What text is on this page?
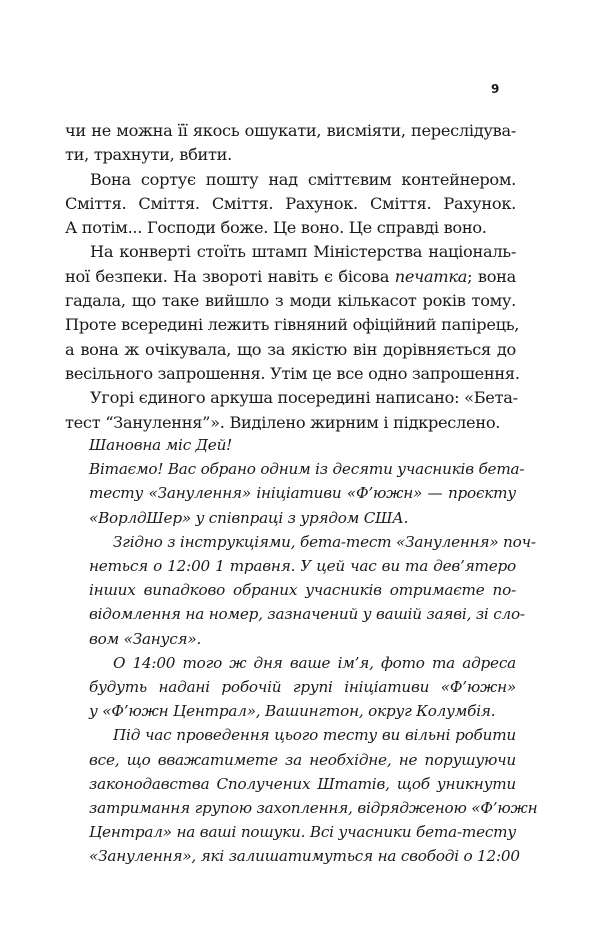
9
чи не можна її якось ошукати, висміяти, переслідува-
ти, трахнути, вбити.
Вона сортує пошту над сміттєвим контейнером.
Сміття. Сміття. Сміття. Рахунок. Сміття. Рахунок.
А потім... Господи боже. Це воно. Це справді воно.
На конверті стоїть штамп Міністерства національ-
ної безпеки. На звороті навіть є бісова печатка; вона
гадала, що таке вийшло з моди кількасот років тому.
Проте всередині лежить гівняний офіційний папірець,
а вона ж очікувала, що за якістю він дорівняється до
весільного запрошення. Утім це все одно запрошення.
Угорі єдиного аркуша посередині написано: «Бета-
тест “Занулення”». Виділено жирним і підкреслено.
Шановна міс Дей!
Вітаємо! Вас обрано одним із десяти учасників бета-
тесту «Занулення» ініціативи «Ф’южн» — проєкту
«ВорлдШер» у співпраці з урядом США.
Згідно з інструкціями, бета-тест «Занулення» поч-
неться о 12:00 1 травня. У цей час ви та дев’ятеро
інших випадково обраних учасників отримаєте по-
відомлення на номер, зазначений у вашій заяві, зі сло-
вом «Зануся».
О 14:00 того ж дня ваше ім’я, фото та адреса
будуть надані робочій групі ініціативи «Ф’южн»
у «Ф’южн Централ», Вашингтон, округ Колумбія.
Під час проведення цього тесту ви вільні робити
все, що вважатимете за необхідне, не порушуючи
законодавства Сполучених Штатів, щоб уникнути
затримання групою захоплення, відрядженою «Ф’южн
Централ» на ваші пошуки. Всі учасники бета-тесту
«Занулення», які залишатимуться на свободі о 12:00
